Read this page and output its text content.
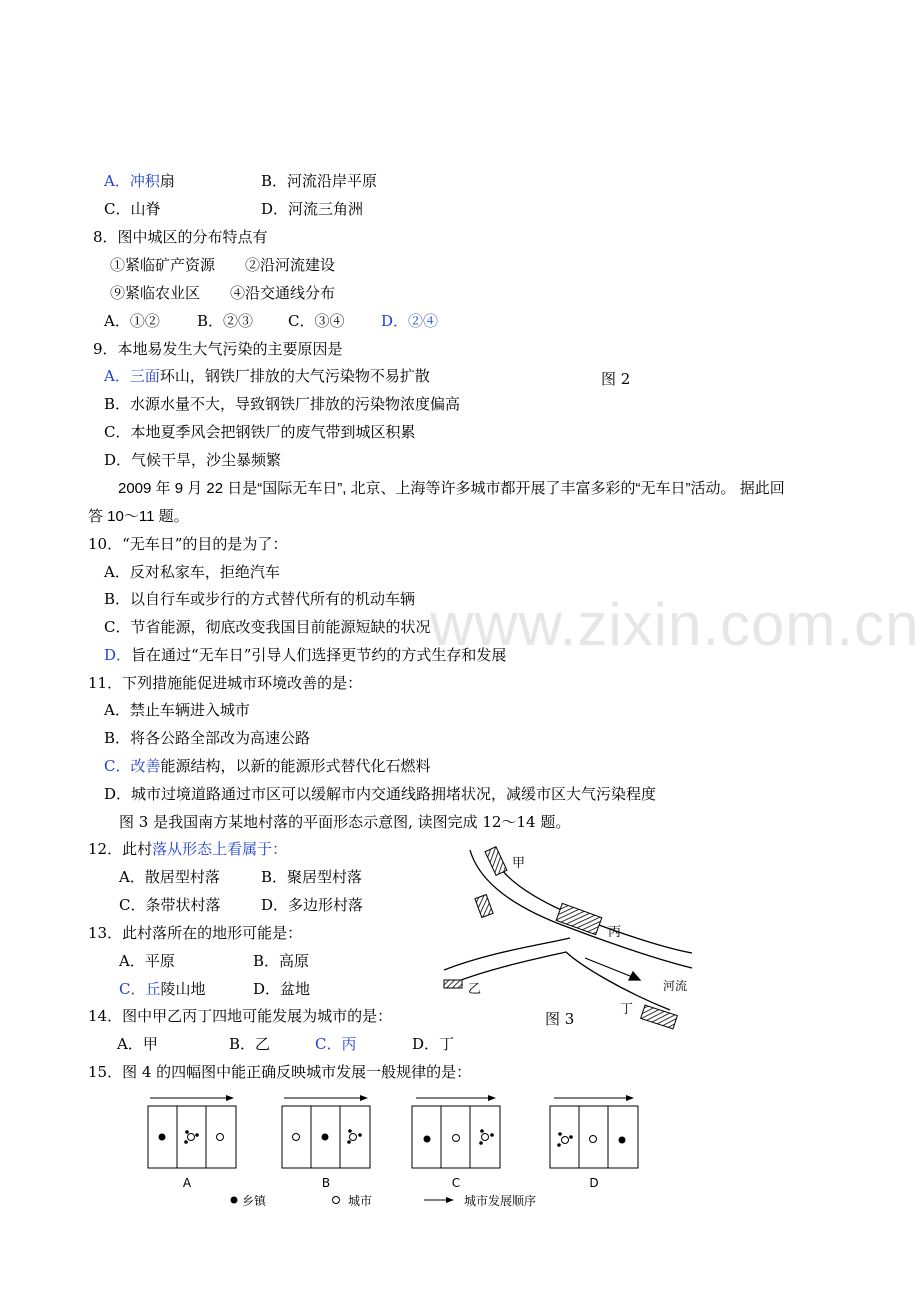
www.zixin.com.cn
A．冲积扇	B．河流沿岸平原
C．山脊	D．河流三角洲
8．图中城区的分布特点有
①紧临矿产资源　　②沿河流建设
⑨紧临农业区　　④沿交通线分布
A．①② B．②③ C．③④ D．②④
9．本地易发生大气污染的主要原因是
A．三面环山，钢铁厂排放的大气污染物不易扩散	图 2
B．水源水量不大，导致钢铁厂排放的污染物浓度偏高
C．本地夏季风会把钢铁厂的废气带到城区积累
D．气候干旱，沙尘暴频繁
2009 年 9 月 22 日是“国际无车日”, 北京、上海等许多城市都开展了丰富多彩的“无车日”活动。 据此回
答 10～11 题。
10．“无车日”的目的是为了：
A．反对私家车，拒绝汽车
B．以自行车或步行的方式替代所有的机动车辆
C．节省能源，彻底改变我国目前能源短缺的状况
D．旨在通过“无车日”引导人们选择更节约的方式生存和发展
11．下列措施能促进城市环境改善的是：
A．禁止车辆进入城市
B．将各公路全部改为高速公路
C．改善能源结构，以新的能源形式替代化石燃料
D．城市过境道路通过市区可以缓解市内交通线路拥堵状况，减缓市区大气污染程度
图 3 是我国南方某地村落的平面形态示意图, 读图完成 12～14 题。
12．此村落从形态上看属于：
A．散居型村落	B．聚居型村落
C．条带状村落	D．多边形村落
13．此村落所在的地形可能是：
A．平原	B．高原
C．丘陵山地	D．盆地
14．图中甲乙丙丁四地可能发展为城市的是：
A．甲	B．乙	C．丙	D．丁
15．图 4 的四幅图中能正确反映城市发展一般规律的是：
甲
丙
乙	河流
丁
图 3
A	B	C	D
乡镇	城市	城市发展顺序
